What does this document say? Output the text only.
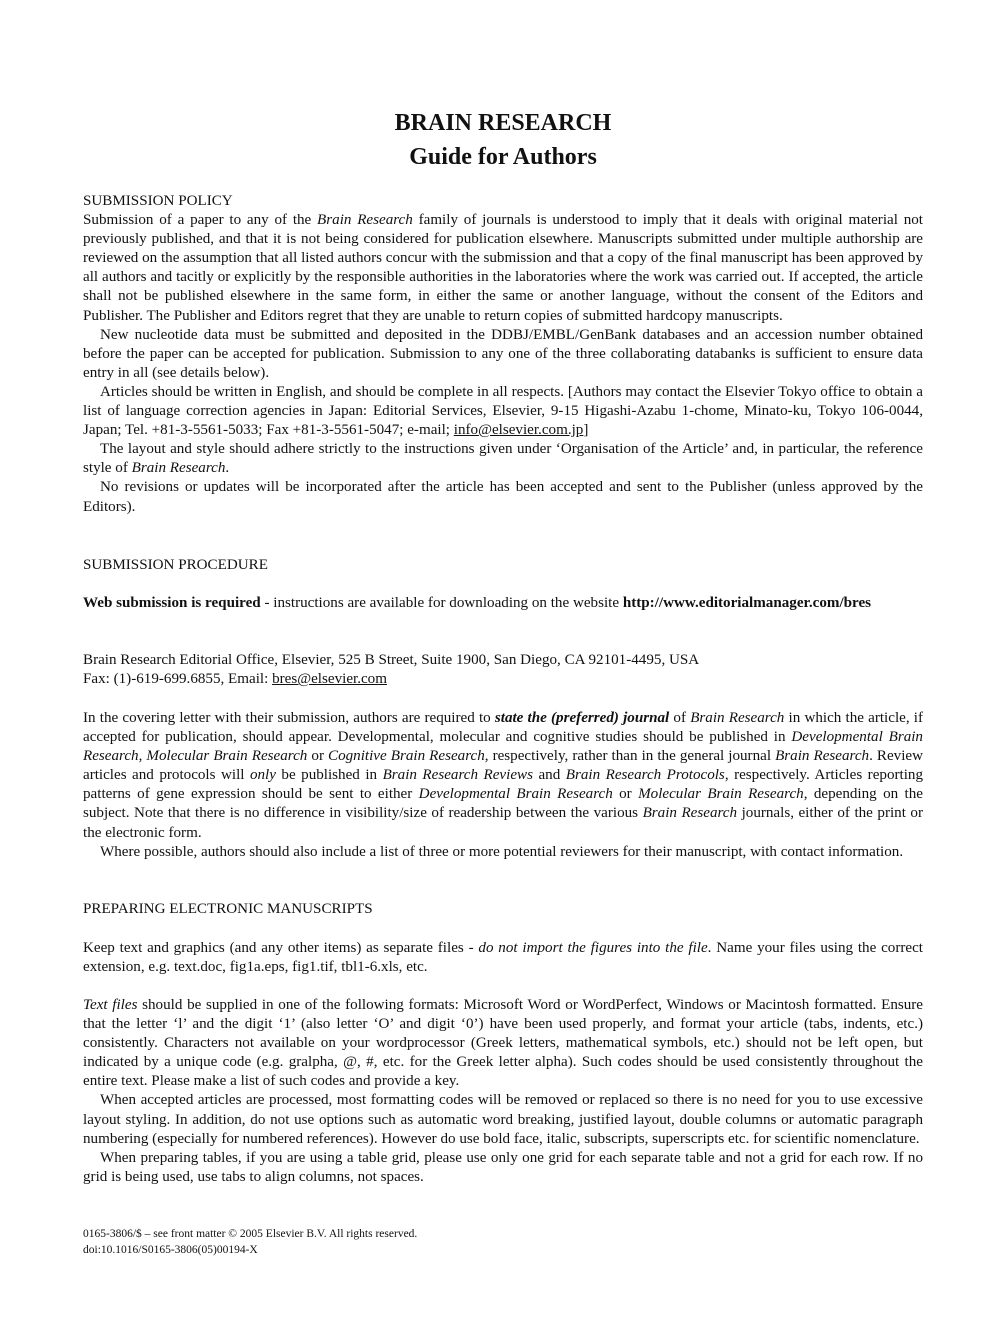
BRAIN RESEARCH
Guide for Authors
SUBMISSION POLICY

Submission of a paper to any of the Brain Research family of journals is understood to imply that it deals with original material not previously published, and that it is not being considered for publication elsewhere. Manuscripts submitted under multiple authorship are reviewed on the assumption that all listed authors concur with the submission and that a copy of the final manuscript has been approved by all authors and tacitly or explicitly by the responsible authorities in the laboratories where the work was carried out. If accepted, the article shall not be published elsewhere in the same form, in either the same or another language, without the consent of the Editors and Publisher. The Publisher and Editors regret that they are unable to return copies of submitted hardcopy manuscripts.

New nucleotide data must be submitted and deposited in the DDBJ/EMBL/GenBank databases and an accession number obtained before the paper can be accepted for publication. Submission to any one of the three collaborating databanks is sufficient to ensure data entry in all (see details below).

Articles should be written in English, and should be complete in all respects. [Authors may contact the Elsevier Tokyo office to obtain a list of language correction agencies in Japan: Editorial Services, Elsevier, 9-15 Higashi-Azabu 1-chome, Minato-ku, Tokyo 106-0044, Japan; Tel. +81-3-5561-5033; Fax +81-3-5561-5047; e-mail; info@elsevier.com.jp]

The layout and style should adhere strictly to the instructions given under ‘Organisation of the Article’ and, in particular, the reference style of Brain Research.

No revisions or updates will be incorporated after the article has been accepted and sent to the Publisher (unless approved by the Editors).

SUBMISSION PROCEDURE

Web submission is required - instructions are available for downloading on the website http://www.editorialmanager.com/bres

Brain Research Editorial Office, Elsevier, 525 B Street, Suite 1900, San Diego, CA 92101-4495, USA
Fax: (1)-619-699.6855, Email: bres@elsevier.com

In the covering letter with their submission, authors are required to state the (preferred) journal of Brain Research in which the article, if accepted for publication, should appear. Developmental, molecular and cognitive studies should be published in Developmental Brain Research, Molecular Brain Research or Cognitive Brain Research, respectively, rather than in the general journal Brain Research. Review articles and protocols will only be published in Brain Research Reviews and Brain Research Protocols, respectively. Articles reporting patterns of gene expression should be sent to either Developmental Brain Research or Molecular Brain Research, depending on the subject. Note that there is no difference in visibility/size of readership between the various Brain Research journals, either of the print or the electronic form.

Where possible, authors should also include a list of three or more potential reviewers for their manuscript, with contact information.

PREPARING ELECTRONIC MANUSCRIPTS

Keep text and graphics (and any other items) as separate files - do not import the figures into the file. Name your files using the correct extension, e.g. text.doc, fig1a.eps, fig1.tif, tbl1-6.xls, etc.

Text files should be supplied in one of the following formats: Microsoft Word or WordPerfect, Windows or Macintosh formatted. Ensure that the letter ‘l’ and the digit ‘1’ (also letter ‘O’ and digit ‘0’) have been used properly, and format your article (tabs, indents, etc.) consistently. Characters not available on your wordprocessor (Greek letters, mathematical symbols, etc.) should not be left open, but indicated by a unique code (e.g. gralpha, @, #, etc. for the Greek letter alpha). Such codes should be used consistently throughout the entire text. Please make a list of such codes and provide a key.

When accepted articles are processed, most formatting codes will be removed or replaced so there is no need for you to use excessive layout styling. In addition, do not use options such as automatic word breaking, justified layout, double columns or automatic paragraph numbering (especially for numbered references). However do use bold face, italic, subscripts, superscripts etc. for scientific nomenclature.

When preparing tables, if you are using a table grid, please use only one grid for each separate table and not a grid for each row. If no grid is being used, use tabs to align columns, not spaces.

0165-3806/$ – see front matter © 2005 Elsevier B.V. All rights reserved.
doi:10.1016/S0165-3806(05)00194-X
